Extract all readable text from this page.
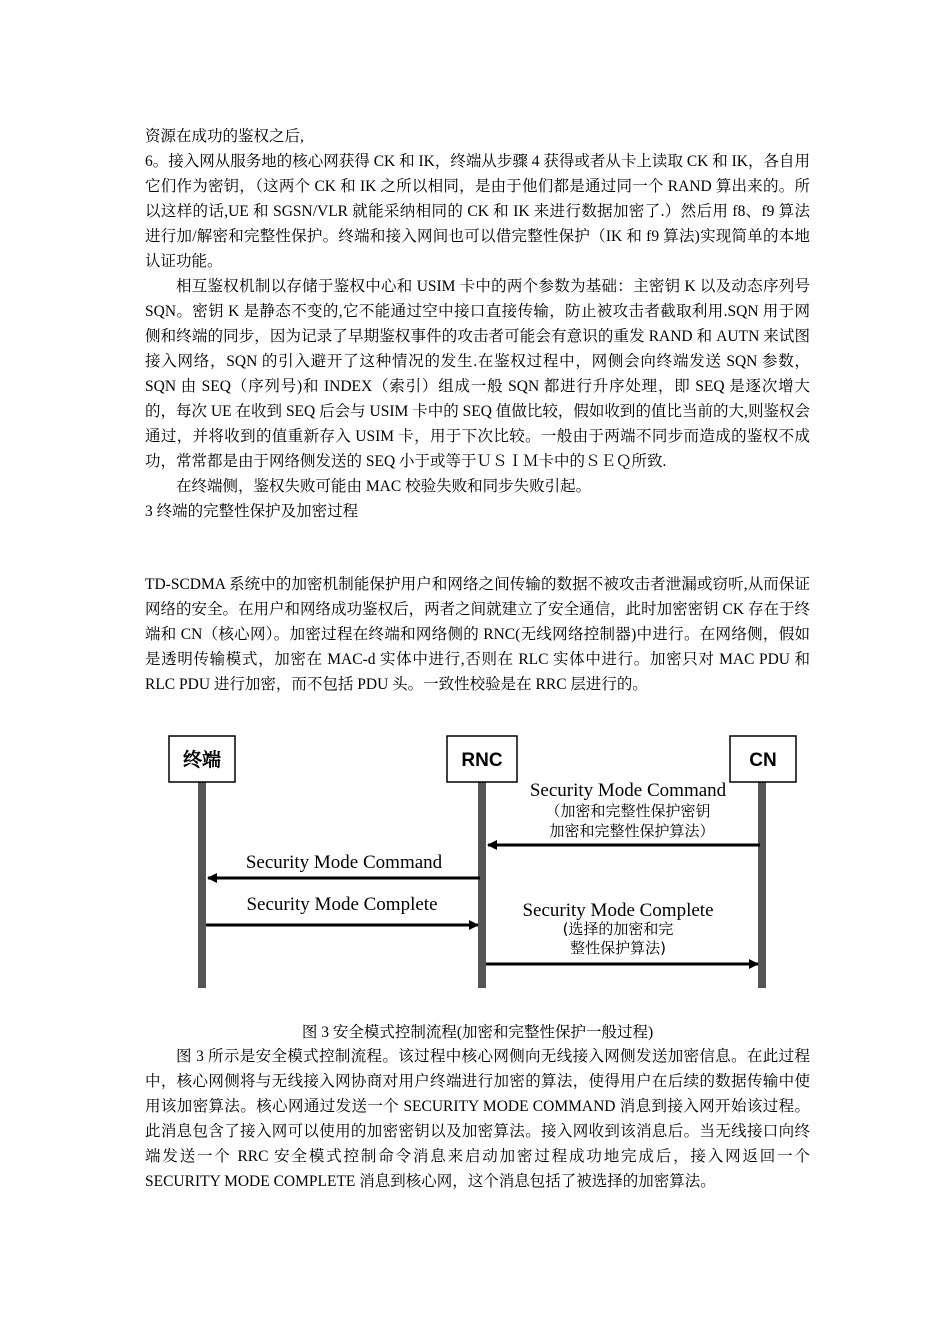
资源在成功的鉴权之后,

6。接入网从服务地的核心网获得 CK 和 IK，终端从步骤 4 获得或者从卡上读取 CK 和 IK，各自用它们作为密钥，（这两个 CK 和 IK 之所以相同，是由于他们都是通过同一个 RAND 算出来的。所以这样的话,UE 和 SGSN/VLR 就能采纳相同的 CK 和 IK 来进行数据加密了.）然后用 f8、f9 算法进行加/解密和完整性保护。终端和接入网间也可以借完整性保护（IK 和 f9 算法)实现简单的本地认证功能。

相互鉴权机制以存储于鉴权中心和 USIM 卡中的两个参数为基础：主密钥 K 以及动态序列号 SQN。密钥 K 是静态不变的,它不能通过空中接口直接传输，防止被攻击者截取利用.SQN 用于网侧和终端的同步，因为记录了早期鉴权事件的攻击者可能会有意识的重发 RAND 和 AUTN 来试图接入网络，SQN 的引入避开了这种情况的发生.在鉴权过程中，网侧会向终端发送 SQN 参数，SQN 由 SEQ（序列号)和 INDEX（索引）组成一般 SQN 都进行升序处理，即 SEQ 是逐次增大的，每次 UE 在收到 SEQ 后会与 USIM 卡中的 SEQ 值做比较，假如收到的值比当前的大,则鉴权会通过，并将收到的值重新存入 USIM 卡，用于下次比较。一般由于两端不同步而造成的鉴权不成功，常常都是由于网络侧发送的 SEQ 小于或等于ＵＳＩＭ卡中的ＳＥＱ所致.

在终端侧，鉴权失败可能由 MAC 校验失败和同步失败引起。

3 终端的完整性保护及加密过程

TD-SCDMA 系统中的加密机制能保护用户和网络之间传输的数据不被攻击者泄漏或窃听,从而保证网络的安全。在用户和网络成功鉴权后，两者之间就建立了安全通信，此时加密密钥 CK 存在于终端和 CN（核心网）。加密过程在终端和网络侧的 RNC(无线网络控制器)中进行。在网络侧，假如是透明传输模式，加密在 MAC-d 实体中进行,否则在 RLC 实体中进行。加密只对 MAC PDU 和 RLC PDU 进行加密，而不包括 PDU 头。一致性校验是在 RRC 层进行的。

终端	RNC	CN
Security Mode Command
（加密和完整性保护密钥
加密和完整性保护算法）
Security Mode Command
Security Mode Complete	Security Mode Complete
(选择的加密和完
整性保护算法)
图 3 安全模式控制流程(加密和完整性保护一般过程)

图 3 所示是安全模式控制流程。该过程中核心网侧向无线接入网侧发送加密信息。在此过程中，核心网侧将与无线接入网协商对用户终端进行加密的算法，使得用户在后续的数据传输中使用该加密算法。核心网通过发送一个 SECURITY MODE COMMAND 消息到接入网开始该过程。此消息包含了接入网可以使用的加密密钥以及加密算法。接入网收到该消息后。当无线接口向终端发送一个 RRC 安全模式控制命令消息来启动加密过程成功地完成后，接入网返回一个 SECURITY MODE COMPLETE 消息到核心网，这个消息包括了被选择的加密算法。
